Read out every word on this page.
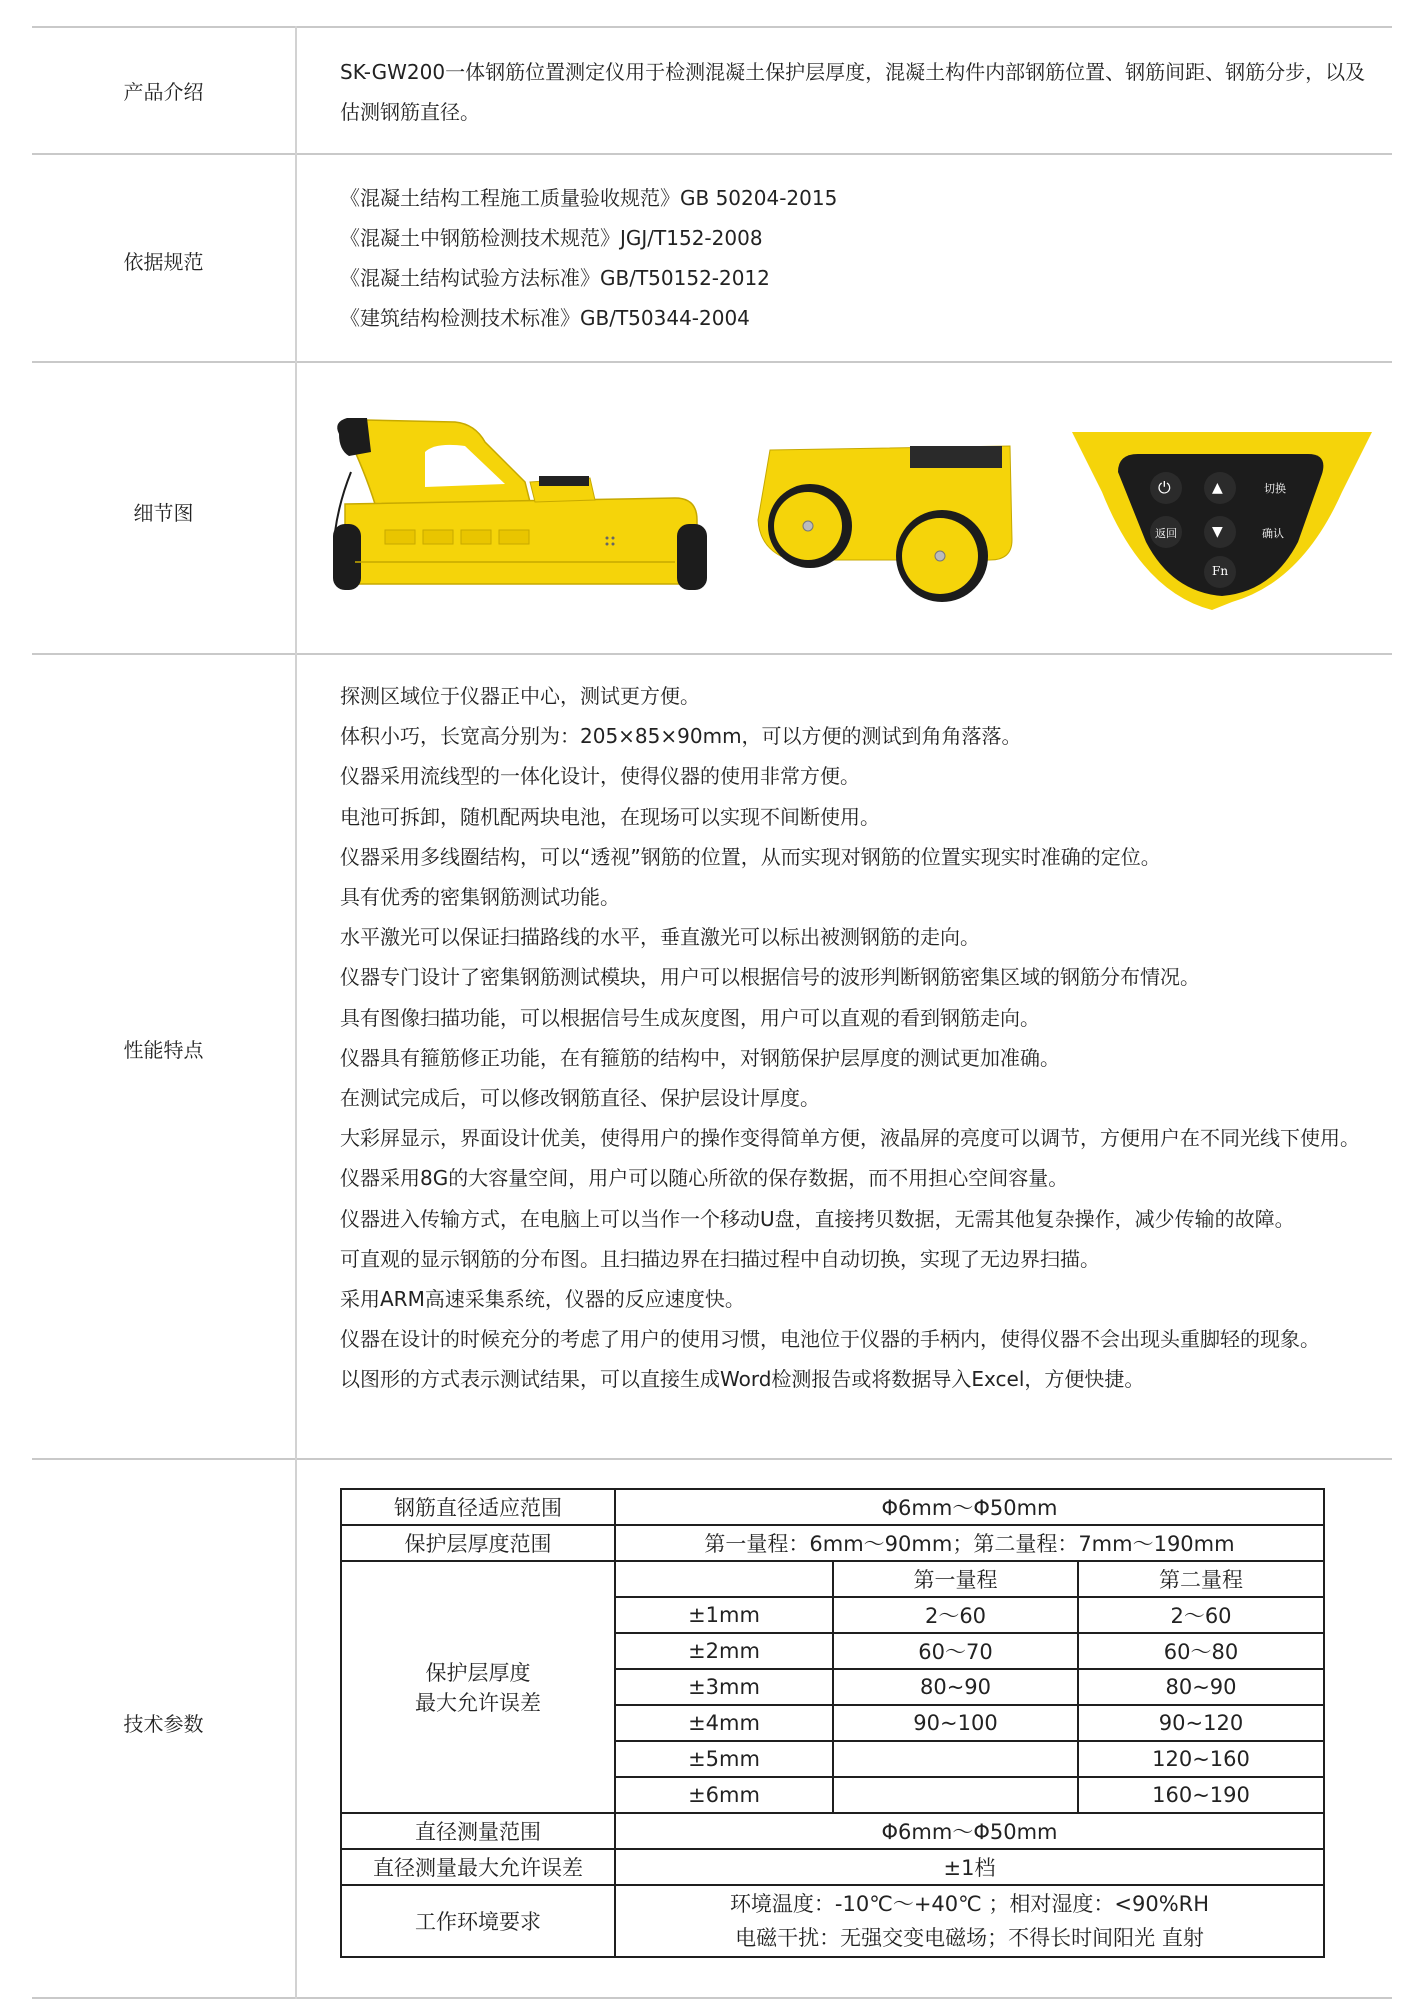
产品介绍
SK-GW200一体钢筋位置测定仪用于检测混凝土保护层厚度，混凝土构件内部钢筋位置、钢筋间距、钢筋分步，以及估测钢筋直径。
依据规范
《混凝土结构工程施工质量验收规范》GB 50204-2015
《混凝土中钢筋检测技术规范》JGJ/T152-2008
《混凝土结构试验方法标准》GB/T50152-2012
《建筑结构检测技术标准》GB/T50344-2004
细节图
⏻	▲	切换
返回	▼	确认
Fn
性能特点
探测区域位于仪器正中心，测试更方便。
体积小巧，长宽高分别为：205×85×90mm，可以方便的测试到角角落落。
仪器采用流线型的一体化设计，使得仪器的使用非常方便。
电池可拆卸，随机配两块电池，在现场可以实现不间断使用。
仪器采用多线圈结构，可以“透视”钢筋的位置，从而实现对钢筋的位置实现实时准确的定位。
具有优秀的密集钢筋测试功能。
水平激光可以保证扫描路线的水平，垂直激光可以标出被测钢筋的走向。
仪器专门设计了密集钢筋测试模块，用户可以根据信号的波形判断钢筋密集区域的钢筋分布情况。
具有图像扫描功能，可以根据信号生成灰度图，用户可以直观的看到钢筋走向。
仪器具有箍筋修正功能，在有箍筋的结构中，对钢筋保护层厚度的测试更加准确。
在测试完成后，可以修改钢筋直径、保护层设计厚度。
大彩屏显示，界面设计优美，使得用户的操作变得简单方便，液晶屏的亮度可以调节，方便用户在不同光线下使用。
仪器采用8G的大容量空间，用户可以随心所欲的保存数据，而不用担心空间容量。
仪器进入传输方式，在电脑上可以当作一个移动U盘，直接拷贝数据，无需其他复杂操作，减少传输的故障。
可直观的显示钢筋的分布图。且扫描边界在扫描过程中自动切换，实现了无边界扫描。
采用ARM高速采集系统，仪器的反应速度快。
仪器在设计的时候充分的考虑了用户的使用习惯，电池位于仪器的手柄内，使得仪器不会出现头重脚轻的现象。
以图形的方式表示测试结果，可以直接生成Word检测报告或将数据导入Excel，方便快捷。
技术参数
钢筋直径适应范围	Φ6mm～Φ50mm		
保护层厚度范围	第一量程：6mm～90mm；第二量程：7mm～190mm		

保护层厚度
最大允许误差		第一量程	第二量程
	±1mm	2～60	2～60
	±2mm	60～70	60～80
	±3mm	80~90	80~90
	±4mm	90~100	90~120
	±5mm		120~160
	±6mm		160~190
直径测量范围	Φ6mm～Φ50mm		
直径测量最大允许误差	±1档		
工作环境要求	环境温度：-10℃～+40℃ ；相对湿度：<90%RH
电磁干扰：无强交变电磁场；不得长时间阳光 直射		
